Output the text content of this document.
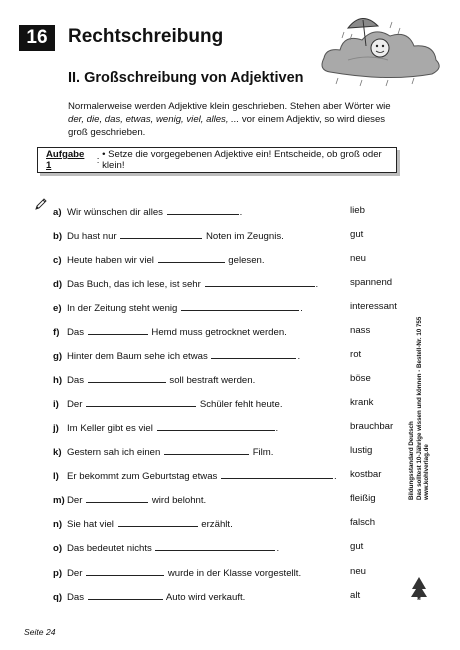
16	Rechtschreibung
II. Großschreibung von Adjektiven
Normalerweise werden Adjektive klein geschrieben. Stehen aber Wörter wie der, die, das, etwas, wenig, viel, alles, ... vor einem Adjektiv, so wird dieses groß geschrieben.
Aufgabe 1	:
• Setze die vorgegebenen Adjektive ein! Entscheide, ob groß oder klein!
a) Wir wünschen dir alles	.	lieb
b) Du hast nur	Noten im Zeugnis.	gut
c) Heute haben wir viel	gelesen.	neu
d) Das Buch, das ich lese, ist sehr	.	spannend
e) In der Zeitung steht wenig	.	interessant
f) Das	Hemd muss getrocknet werden.	nass
g) Hinter dem Baum sehe ich etwas	.	rot
h) Das	soll bestraft werden.	böse
i) Der	Schüler fehlt heute.	krank
j) Im Keller gibt es viel	.	brauchbar
k) Gestern sah ich einen	Film.	lustig
l) Er bekommt zum Geburtstag etwas	. kostbar
m) Der	wird belohnt.	fleißig
n) Sie hat viel	erzählt.	falsch
o) Das bedeutet nichts	.	gut
p) Der	wurde in der Klasse vorgestellt.	neu
q) Das	Auto wird verkauft.	alt
Bildungsstandard Deutsch Das solltest 10-Jährige wissen und können - Bestell-Nr. 10 755 www.kohlverlag.de
KOHL VERLAG
Seite 24
